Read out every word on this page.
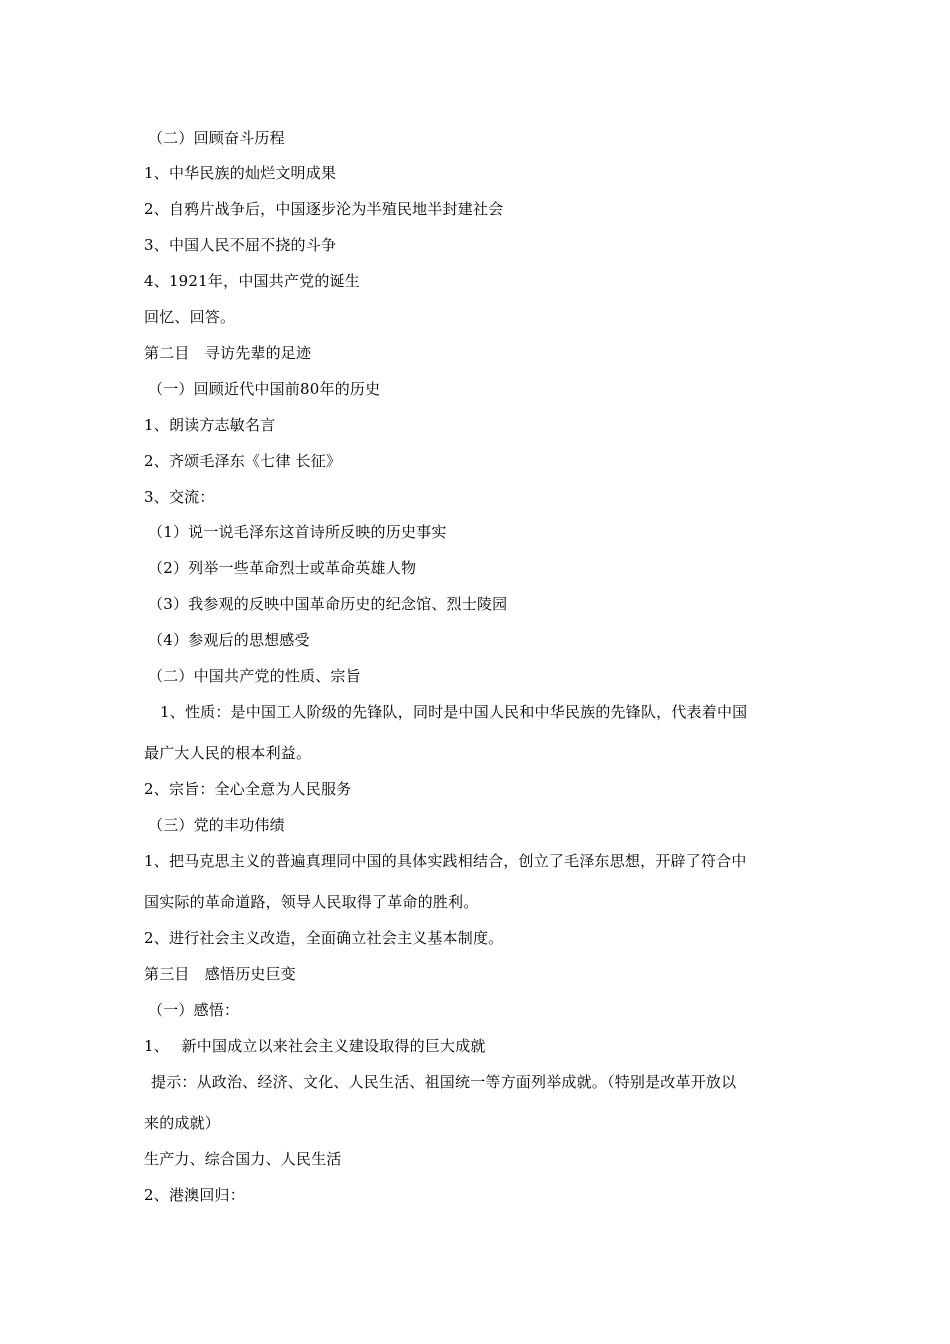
（二）回顾奋斗历程
1、中华民族的灿烂文明成果
2、自鸦片战争后，中国逐步沦为半殖民地半封建社会
3、中国人民不屈不挠的斗争
4、1921年，中国共产党的诞生
回忆、回答。
第二目　寻访先辈的足迹
（一）回顾近代中国前80年的历史
1、朗读方志敏名言
2、齐颂毛泽东《七律 长征》
3、交流：
（1）说一说毛泽东这首诗所反映的历史事实
（2）列举一些革命烈士或革命英雄人物
（3）我参观的反映中国革命历史的纪念馆、烈士陵园
（4）参观后的思想感受
（二）中国共产党的性质、宗旨
1、性质：是中国工人阶级的先锋队，同时是中国人民和中华民族的先锋队，代表着中国
最广大人民的根本利益。
2、宗旨：全心全意为人民服务
（三）党的丰功伟绩
1、把马克思主义的普遍真理同中国的具体实践相结合，创立了毛泽东思想，开辟了符合中
国实际的革命道路，领导人民取得了革命的胜利。
2、进行社会主义改造，全面确立社会主义基本制度。
第三目　感悟历史巨变
（一）感悟：
1、　 新中国成立以来社会主义建设取得的巨大成就
提示：从政治、经济、文化、人民生活、祖国统一等方面列举成就。（特别是改革开放以
来的成就）
生产力、综合国力、人民生活
2、港澳回归：
